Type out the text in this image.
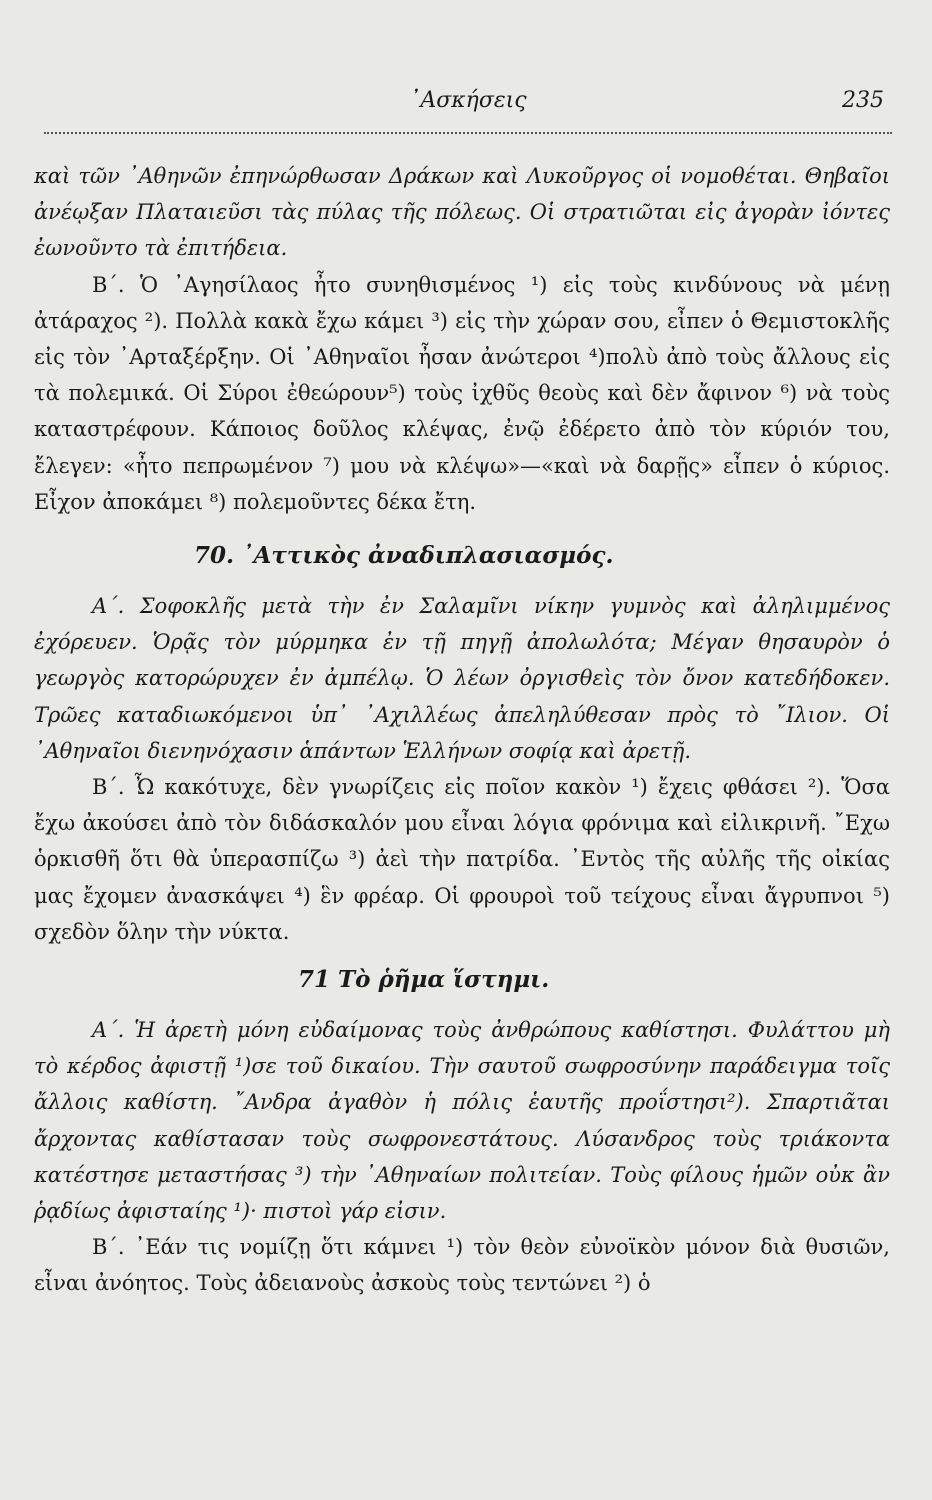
᾿Ασκήσεις	235

καὶ τῶν ᾿Αθηνῶν ἐπηνώρθωσαν Δράκων καὶ Λυκοῦργος οἱ νομοθέται. Θηβαῖοι ἀνέῳξαν Πλαταιεῦσι τὰς πύλας τῆς πόλεως. Οἱ στρατιῶται εἰς ἀγορὰν ἰόντες ἐωνοῦντο τὰ ἐπιτήδεια.

Β΄. Ὁ ᾿Αγησίλαος ἦτο συνηθισμένος ¹) εἰς τοὺς κινδύνους νὰ μένῃ ἀτάραχος ²). Πολλὰ κακὰ ἔχω κάμει ³) εἰς τὴν χώραν σου, εἶπεν ὁ Θεμιστοκλῆς εἰς τὸν ᾿Αρταξέρξην. Οἱ ᾿Αθηναῖοι ἦσαν ἀνώτεροι ⁴)πολὺ ἀπὸ τοὺς ἄλλους εἰς τὰ πολεμικά. Οἱ Σύροι ἐθεώρουν⁵) τοὺς ἰχθῦς θεοὺς καὶ δὲν ἄφινον ⁶) νὰ τοὺς καταστρέφουν. Κάποιος δοῦλος κλέψας, ἐνῷ ἐδέρετο ἀπὸ τὸν κύριόν του, ἔλεγεν: «ἦτο πεπρωμένον ⁷) μου νὰ κλέψω»—«καὶ νὰ δαρῇς» εἶπεν ὁ κύριος. Εἶχον ἀποκάμει ⁸) πολεμοῦντες δέκα ἔτη.

70. ᾿Αττικὸς ἀναδιπλασιασμός.

Α΄. Σοφοκλῆς μετὰ τὴν ἐν Σαλαμῖνι νίκην γυμνὸς καὶ ἀληλιμμένος ἐχόρευεν. Ὁρᾷς τὸν μύρμηκα ἐν τῇ πηγῇ ἀπολωλότα; Μέγαν θησαυρὸν ὁ γεωργὸς κατορώρυχεν ἐν ἀμπέλῳ. Ὁ λέων ὀργισθεὶς τὸν ὄνον κατεδήδοκεν. Τρῶες καταδιωκόμενοι ὑπ᾿ ᾿Αχιλλέως ἀπεληλύθεσαν πρὸς τὸ ῎Ιλιον. Οἱ ᾿Αθηναῖοι διενηνόχασιν ἁπάντων Ἑλλήνων σοφίᾳ καὶ ἀρετῇ.

Β΄. Ὦ κακότυχε, δὲν γνωρίζεις εἰς ποῖον κακὸν ¹) ἔχεις φθάσει ²). Ὅσα ἔχω ἀκούσει ἀπὸ τὸν διδάσκαλόν μου εἶναι λόγια φρόνιμα καὶ εἰλικρινῆ. ῎Εχω ὁρκισθῆ ὅτι θὰ ὑπερασπίζω ³) ἀεὶ τὴν πατρίδα. ᾿Εντὸς τῆς αὐλῆς τῆς οἰκίας μας ἔχομεν ἀνασκάψει ⁴) ἓν φρέαρ. Οἱ φρουροὶ τοῦ τείχους εἶναι ἄγρυπνοι ⁵) σχεδὸν ὅλην τὴν νύκτα.

71 Τὸ ῥῆμα ἵστημι.

Α΄. Ἡ ἀρετὴ μόνη εὐδαίμονας τοὺς ἀνθρώπους καθίστησι. Φυλάττου μὴ τὸ κέρδος ἀφιστῇ ¹)σε τοῦ δικαίου. Τὴν σαυτοῦ σωφροσύνην παράδειγμα τοῖς ἄλλοις καθίστη. ῎Ανδρα ἀγαθὸν ἡ πόλις ἑαυτῆς προΐστησι²). Σπαρτιᾶται ἄρχοντας καθίστασαν τοὺς σωφρονεστάτους. Λύσανδρος τοὺς τριάκοντα κατέστησε μεταστήσας ³) τὴν ᾿Αθηναίων πολιτείαν. Τοὺς φίλους ἡμῶν οὐκ ἂν ῥᾳδίως ἀφισταίης ¹)· πιστοὶ γάρ εἰσιν.

Β΄. ᾿Εάν τις νομίζῃ ὅτι κάμνει ¹) τὸν θεὸν εὐνοϊκὸν μόνον διὰ θυσιῶν, εἶναι ἀνόητος. Τοὺς ἀδειανοὺς ἀσκοὺς τοὺς τεντώνει ²) ὁ
